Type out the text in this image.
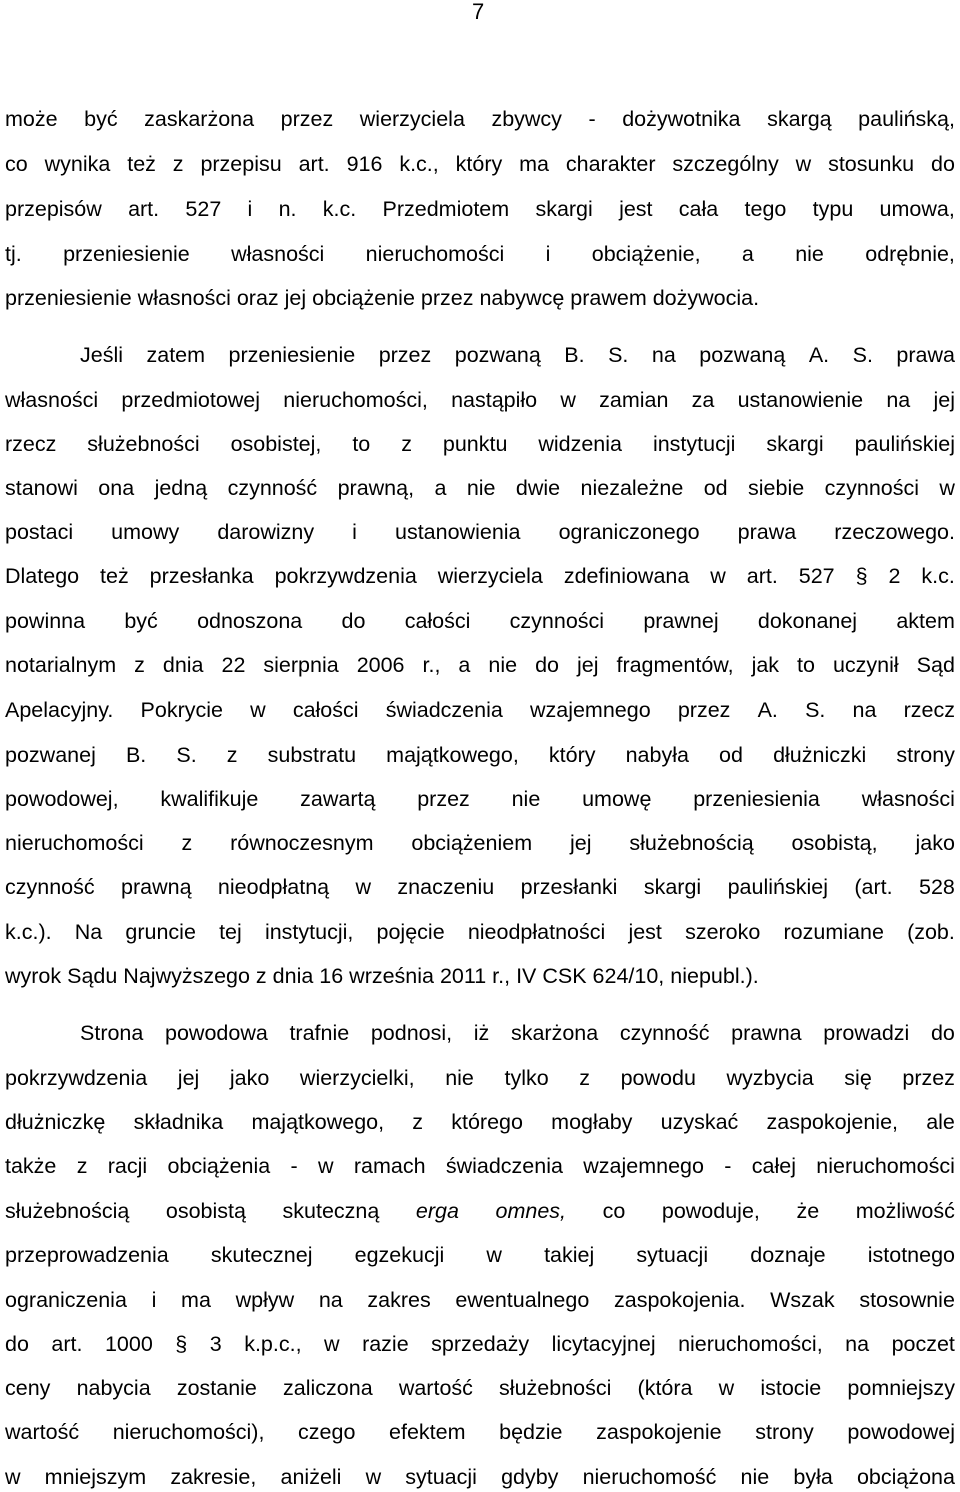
7
może być zaskarżona przez wierzyciela zbywcy - dożywotnika skargą paulińską,
co wynika też z przepisu art. 916 k.c., który ma charakter szczególny w stosunku do
przepisów art. 527 i n. k.c. Przedmiotem skargi jest cała tego typu umowa,
tj. przeniesienie własności nieruchomości i obciążenie, a nie odrębnie,
przeniesienie własności oraz jej obciążenie przez nabywcę prawem dożywocia.
Jeśli zatem przeniesienie przez pozwaną B. S. na pozwaną A. S. prawa
własności przedmiotowej nieruchomości, nastąpiło w zamian za ustanowienie na jej
rzecz służebności osobistej, to z punktu widzenia instytucji skargi paulińskiej
stanowi ona jedną czynność prawną, a nie dwie niezależne od siebie czynności w
postaci umowy darowizny i ustanowienia ograniczonego prawa rzeczowego.
Dlatego też przesłanka pokrzywdzenia wierzyciela zdefiniowana w art. 527 § 2 k.c.
powinna być odnoszona do całości czynności prawnej dokonanej aktem
notarialnym z dnia 22 sierpnia 2006 r., a nie do jej fragmentów, jak to uczynił Sąd
Apelacyjny. Pokrycie w całości świadczenia wzajemnego przez A. S. na rzecz
pozwanej B. S. z substratu majątkowego, który nabyła od dłużniczki strony
powodowej, kwalifikuje zawartą przez nie umowę przeniesienia własności
nieruchomości z równoczesnym obciążeniem jej służebnością osobistą, jako
czynność prawną nieodpłatną w znaczeniu przesłanki skargi paulińskiej (art. 528
k.c.). Na gruncie tej instytucji, pojęcie nieodpłatności jest szeroko rozumiane (zob.
wyrok Sądu Najwyższego z dnia 16 września 2011 r., IV CSK 624/10, niepubl.).
Strona powodowa trafnie podnosi, iż skarżona czynność prawna prowadzi do
pokrzywdzenia jej jako wierzycielki, nie tylko z powodu wyzbycia się przez
dłużniczkę składnika majątkowego, z którego mogłaby uzyskać zaspokojenie, ale
także z racji obciążenia - w ramach świadczenia wzajemnego - całej nieruchomości
służebnością osobistą skuteczną erga omnes, co powoduje, że możliwość
przeprowadzenia skutecznej egzekucji w takiej sytuacji doznaje istotnego
ograniczenia i ma wpływ na zakres ewentualnego zaspokojenia. Wszak stosownie
do art. 1000 § 3 k.p.c., w razie sprzedaży licytacyjnej nieruchomości, na poczet
ceny nabycia zostanie zaliczona wartość służebności (która w istocie pomniejszy
wartość nieruchomości), czego efektem będzie zaspokojenie strony powodowej
w mniejszym zakresie, aniżeli w sytuacji gdyby nieruchomość nie była obciążona
